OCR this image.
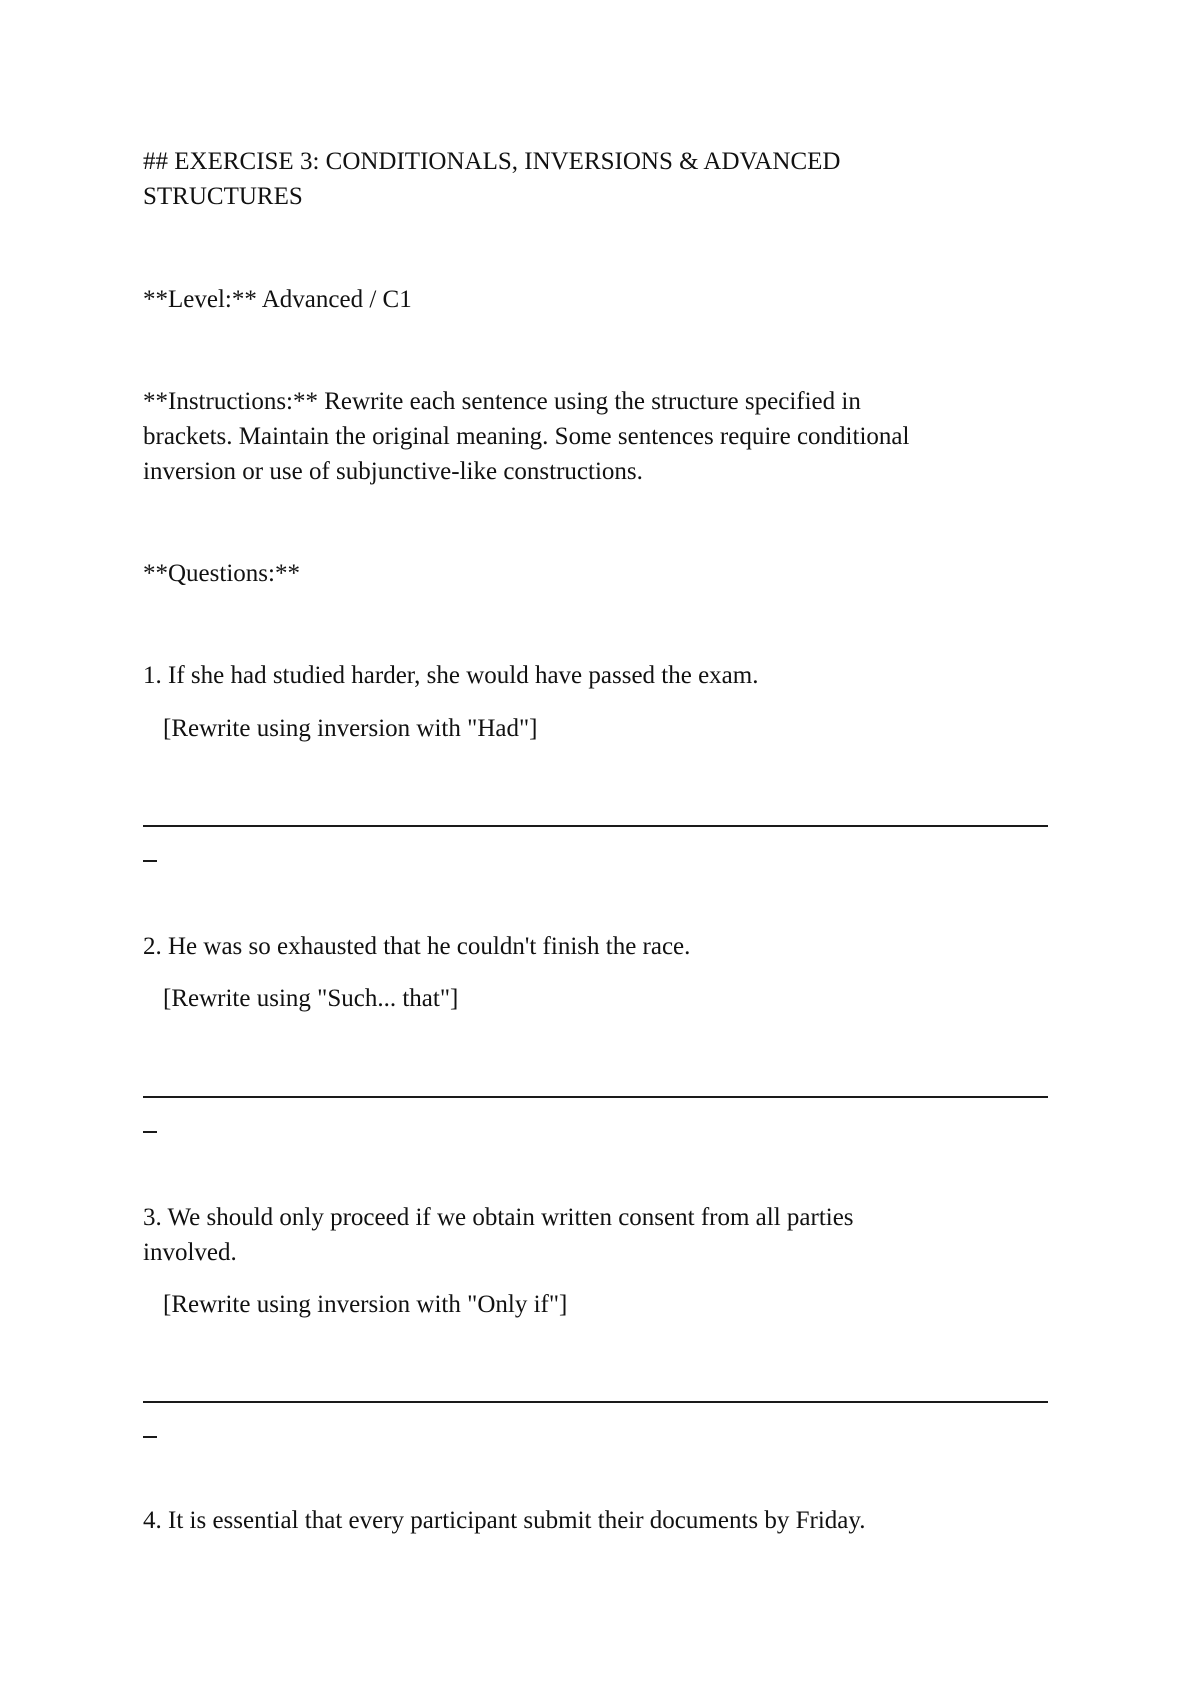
## EXERCISE 3: CONDITIONALS, INVERSIONS & ADVANCED

STRUCTURES

**Level:** Advanced / C1

**Instructions:** Rewrite each sentence using the structure specified in

brackets. Maintain the original meaning. Some sentences require conditional

inversion or use of subjunctive-like constructions.

**Questions:**

1. If she had studied harder, she would have passed the exam.

[Rewrite using inversion with "Had"]

2. He was so exhausted that he couldn't finish the race.

[Rewrite using "Such... that"]

3. We should only proceed if we obtain written consent from all parties

involved.

[Rewrite using inversion with "Only if"]

4. It is essential that every participant submit their documents by Friday.
